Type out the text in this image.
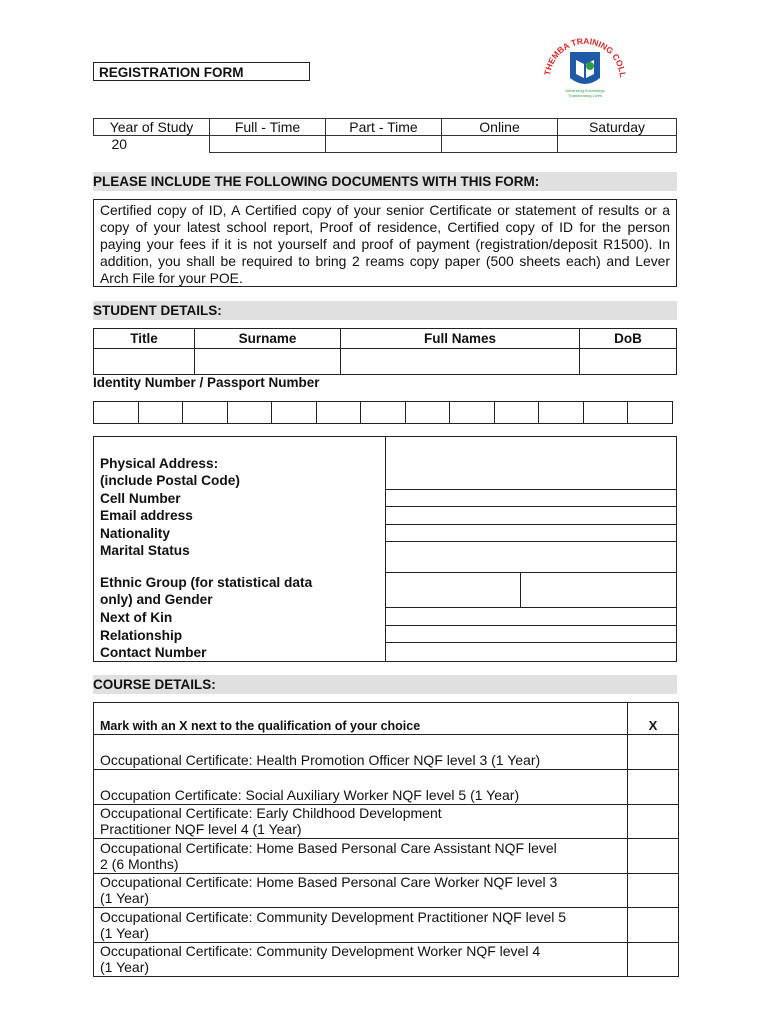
THEMBA TRAINING COLL
Advancing Knowledge
Transforming Lives
REGISTRATION FORM
Year of Study	Full - Time	Part - Time	Online	Saturday
20				
PLEASE INCLUDE THE FOLLOWING DOCUMENTS WITH THIS FORM:
Certified copy of ID, A Certified copy of your senior Certificate or statement of results or a copy of your latest school report, Proof of residence, Certified copy of ID for the person paying your fees if it is not yourself and proof of payment (registration/deposit R1500). In addition, you shall be required to bring 2 reams copy paper (500 sheets each) and Lever Arch File for your POE.
STUDENT DETAILS:
Title	Surname	Full Names	DoB

Identity Number / Passport Number

Physical Address:
(include Postal Code)
Cell Number
Email address
Nationality
Marital Status
Ethnic Group (for statistical data
only) and Gender
Next of Kin
Relationship
Contact Number
COURSE DETAILS:
Mark with an X next to the qualification of your choice	X

Occupational Certificate: Health Promotion Officer NQF level 3 (1 Year)	

Occupation Certificate: Social Auxiliary Worker NQF level 5 (1 Year)	

Occupational Certificate: Early Childhood Development
Practitioner NQF level 4 (1 Year)	

Occupational Certificate: Home Based Personal Care Assistant NQF level
2 (6 Months)	

Occupational Certificate: Home Based Personal Care Worker NQF level 3
(1 Year)	

Occupational Certificate: Community Development Practitioner NQF level 5
(1 Year)	

Occupational Certificate: Community Development Worker NQF level 4
(1 Year)	
